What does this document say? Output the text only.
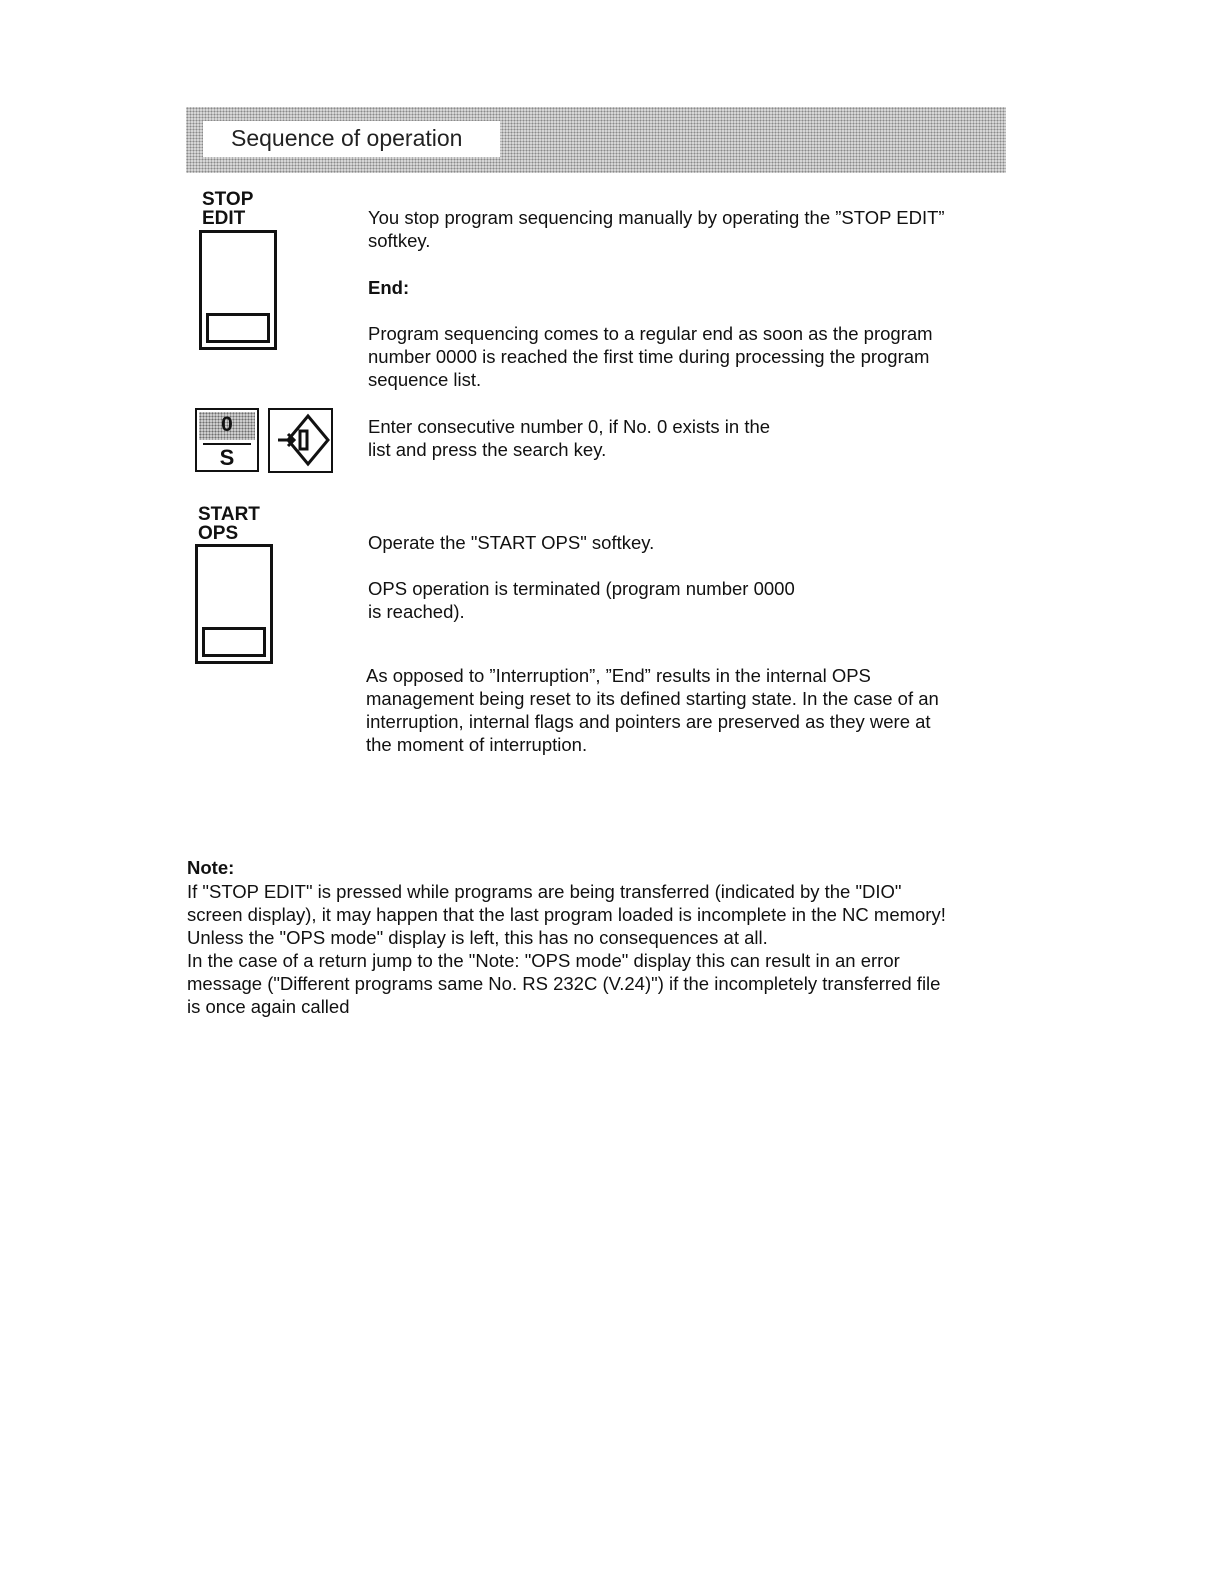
Sequence of operation
STOP
EDIT	You stop program sequencing manually by operating the ”STOP EDIT”
softkey.
End:
Program sequencing comes to a regular end as soon as the program
number 0000 is reached the first time during processing the program
sequence list.
0
S
Enter consecutive number 0, if No. 0 exists in the
list and press the search key.
START
OPS	Operate the "START OPS" softkey.
OPS operation is terminated (program number 0000
is reached).
As opposed to ”Interruption”, ”End” results in the internal OPS
management being reset to its defined starting state. In the case of an
interruption, internal flags and pointers are preserved as they were at
the moment of interruption.
Note:
If "STOP EDIT" is pressed while programs are being transferred (indicated by the "DIO"
screen display), it may happen that the last program loaded is incomplete in the NC memory!
Unless the "OPS mode" display is left, this has no consequences at all.
In the case of a return jump to the "Note: "OPS mode" display this can result in an error
message ("Different programs same No. RS 232C (V.24)") if the incompletely transferred file
is once again called
